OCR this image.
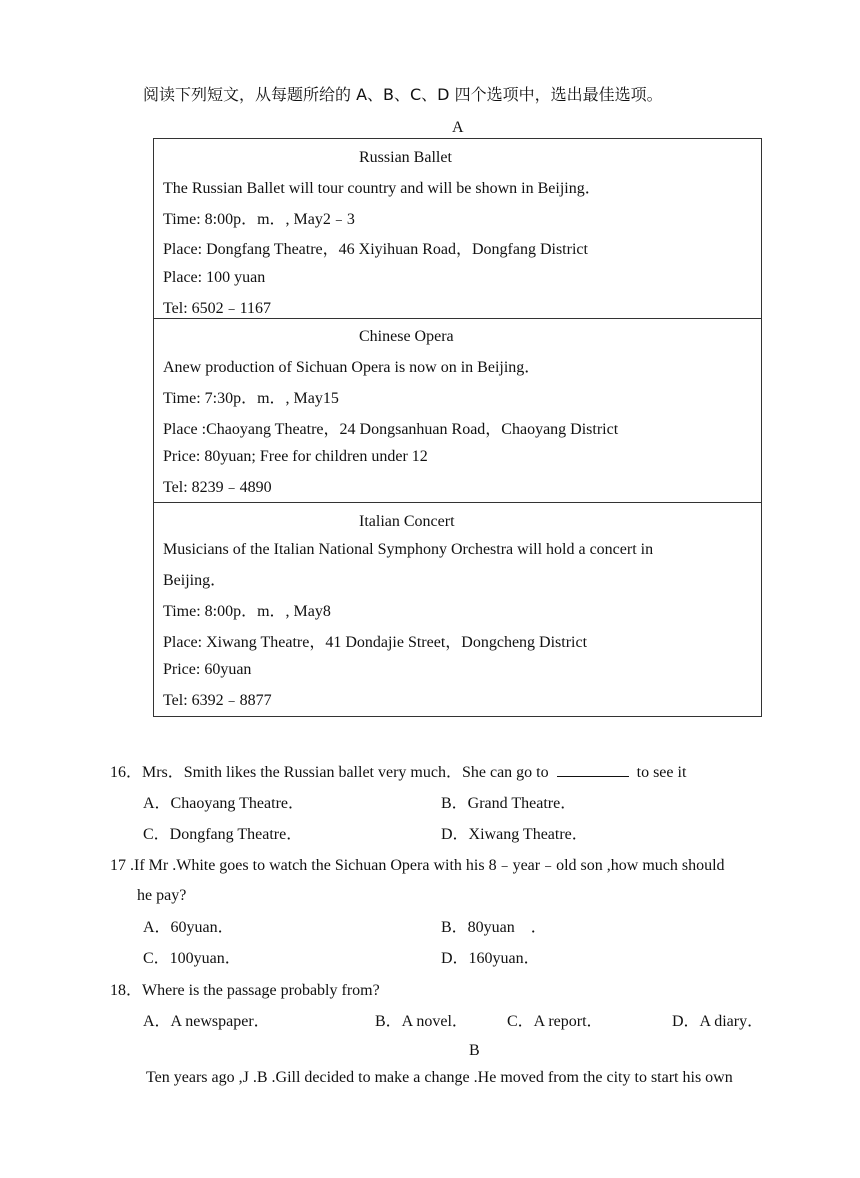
阅读下列短文，从每题所给的 A、B、C、D 四个选项中，选出最佳选项。
A
Russian Ballet
The Russian Ballet will tour country and will be shown in Beijing．
Time: 8:00p．m．, May2﹣3
Place: Dongfang Theatre，46 Xiyihuan Road，Dongfang District
Place: 100 yuan
Tel: 6502﹣1167
Chinese Opera
Anew production of Sichuan Opera is now on in Beijing．
Time: 7:30p．m．, May15
Place :Chaoyang Theatre，24 Dongsanhuan Road，Chaoyang District
Price: 80yuan; Free for children under 12
Tel: 8239﹣4890
Italian Concert
Musicians of the Italian National Symphony Orchestra will hold a concert in
Beijing．
Time: 8:00p．m．, May8
Place: Xiwang Theatre，41 Dondajie Street，Dongcheng District
Price: 60yuan
Tel: 6392﹣8877
16．Mrs．Smith likes the Russian ballet very much．She can go to	to see it
A．Chaoyang Theatre．	B．Grand Theatre．
C．Dongfang Theatre．	D．Xiwang Theatre．
17 .If Mr .White goes to watch the Sichuan Opera with his 8﹣year﹣old son ,how much should
he pay?
A．60yuan．	B．80yuan　．
C．100yuan．	D．160yuan．
18．Where is the passage probably from?
A．A newspaper．	B．A novel． C．A report．	D．A diary．
B
Ten years ago ,J .B .Gill decided to make a change .He moved from the city to start his own
